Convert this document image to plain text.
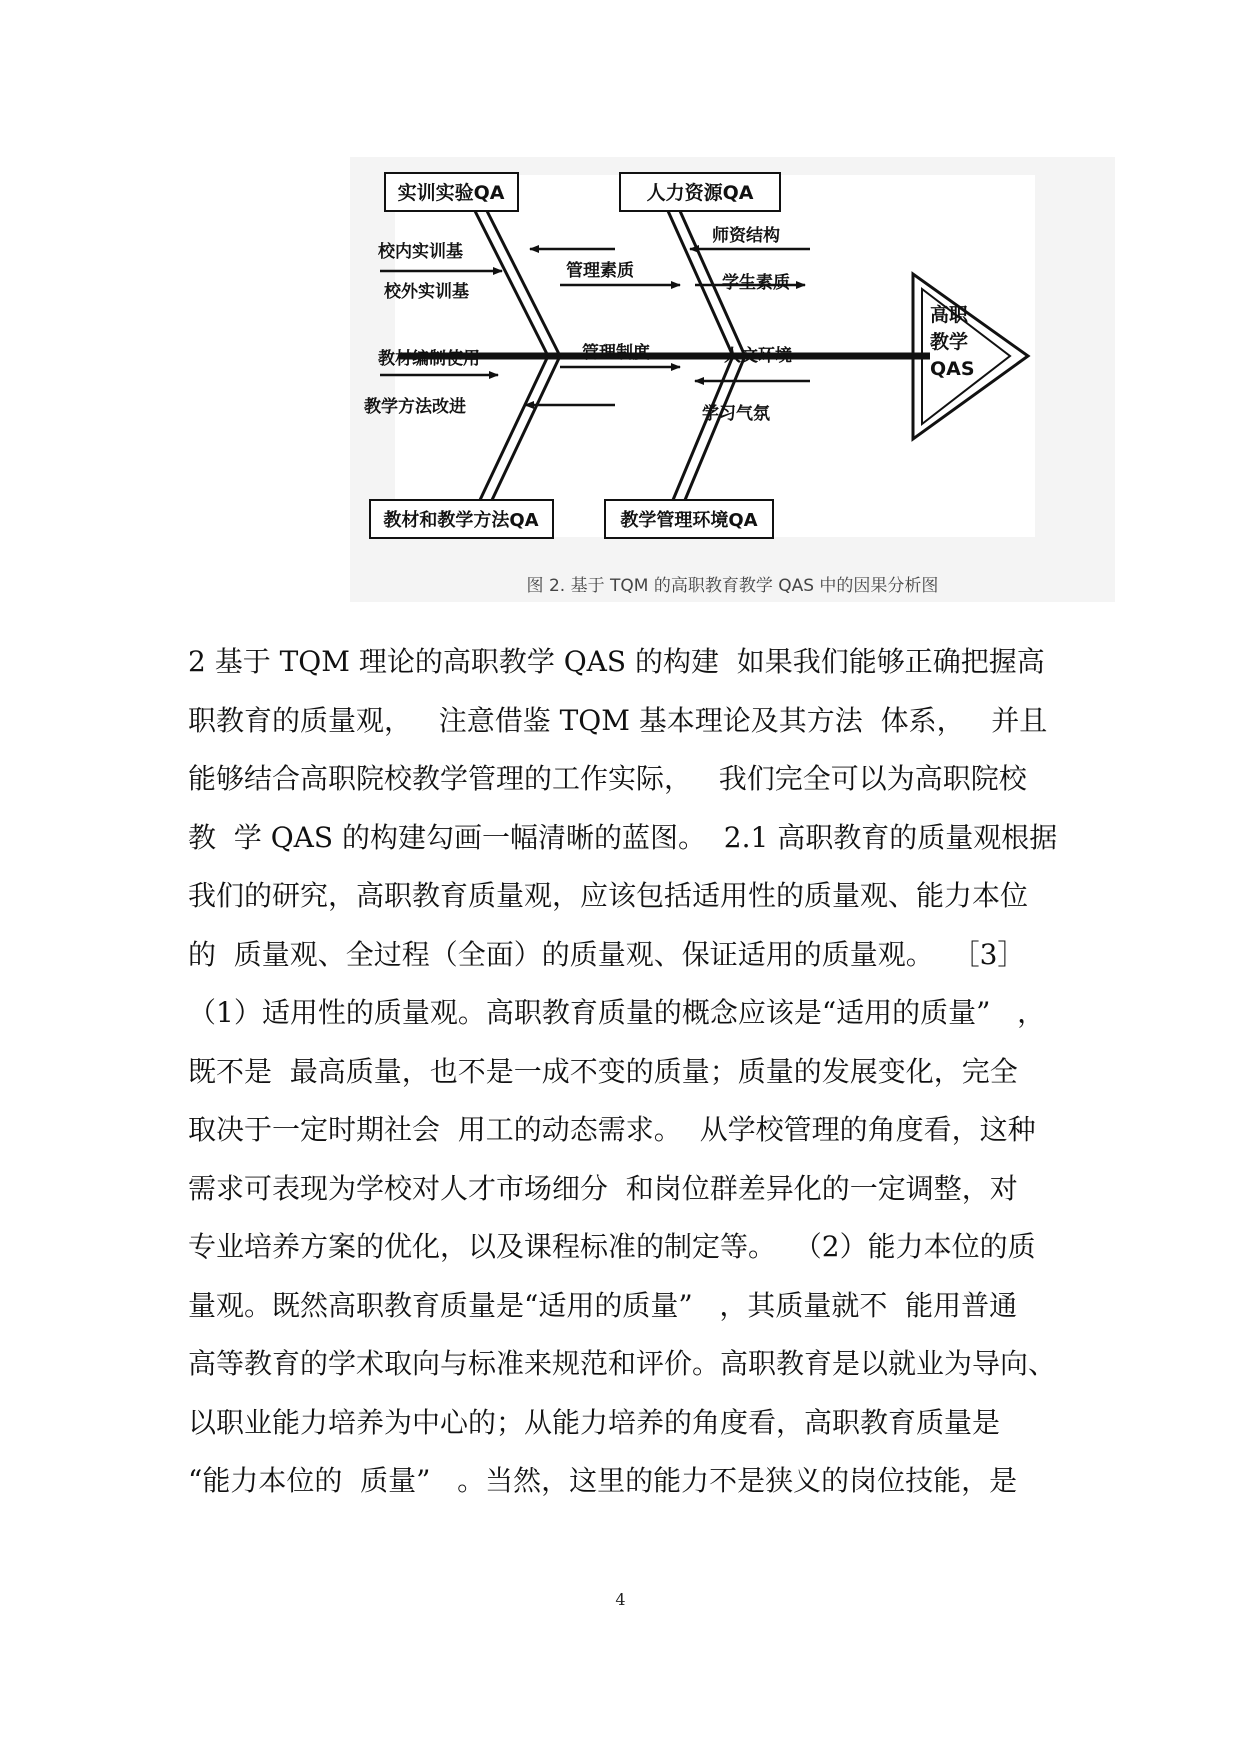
实训实验QA	人力资源QA
教材和教学方法QA	教学管理环境QA
校内实训基
校外实训基
管理素质
师资结构
学生素质
教材编制使用
教学方法改进
管理制度	人文环境
学习气氛
高职
教学
QAS
图 2. 基于 TQM 的高职教育教学 QAS 中的因果分析图
2 基于 TQM 理论的高职教学 QAS 的构建  如果我们能够正确把握高
职教育的质量观，   注意借鉴 TQM 基本理论及其方法  体系，   并且
能够结合高职院校教学管理的工作实际，   我们完全可以为高职院校
教  学 QAS 的构建勾画一幅清晰的蓝图。  2.1 高职教育的质量观根据
我们的研究，高职教育质量观，应该包括适用性的质量观、能力本位
的  质量观、全过程（全面）的质量观、保证适用的质量观。  ［3］
（1）适用性的质量观。高职教育质量的概念应该是“适用的质量”   ，
既不是  最高质量，也不是一成不变的质量；质量的发展变化，完全
取决于一定时期社会  用工的动态需求。  从学校管理的角度看，这种
需求可表现为学校对人才市场细分  和岗位群差异化的一定调整，对
专业培养方案的优化，以及课程标准的制定等。  （2）能力本位的质
量观。既然高职教育质量是“适用的质量”   ，其质量就不  能用普通
高等教育的学术取向与标准来规范和评价。高职教育是以就业为导向、
以职业能力培养为中心的；从能力培养的角度看，高职教育质量是
“能力本位的  质量”   。当然，这里的能力不是狭义的岗位技能，是
4
